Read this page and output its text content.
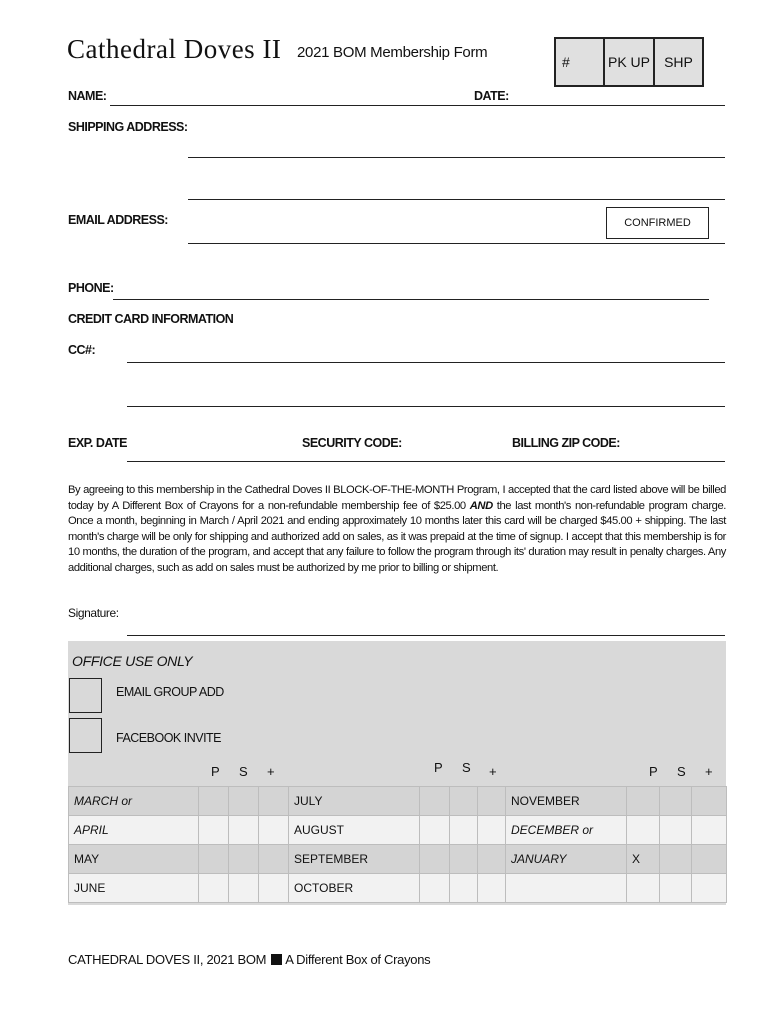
Cathedral Doves II 2021 BOM Membership Form
#	PK UP SHP
NAME:	DATE:
SHIPPING ADDRESS:
EMAIL ADDRESS:	CONFIRMED
PHONE:
CREDIT CARD INFORMATION
CC#:
EXP. DATE	SECURITY CODE:	BILLING ZIP CODE:
By agreeing to this membership in the Cathedral Doves II BLOCK-OF-THE-MONTH Program, I accepted that the card listed above will be billed today by A Different Box of Crayons for a non-refundable membership fee of $25.00 AND the last month's non-refundable program charge. Once a month, beginning in March / April 2021 and ending approximately 10 months later this card will be charged $45.00 + shipping. The last month's charge will be only for shipping and authorized add on sales, as it was prepaid at the time of signup. I accept that this membership is for 10 months, the duration of the program, and accept that any failure to follow the program through its' duration may result in penalty charges. Any additional charges, such as add on sales must be authorized by me prior to billing or shipment.
Signature:
OFFICE USE ONLY
EMAIL GROUP ADD
FACEBOOK INVITE
P S +	P S +	P S +
MARCH or				JULY				NOVEMBER			
APRIL				AUGUST				DECEMBER or			
MAY				SEPTEMBER				JANUARY	X		
JUNE				OCTOBER							
CATHEDRAL DOVES II, 2021 BOM A Different Box of Crayons
